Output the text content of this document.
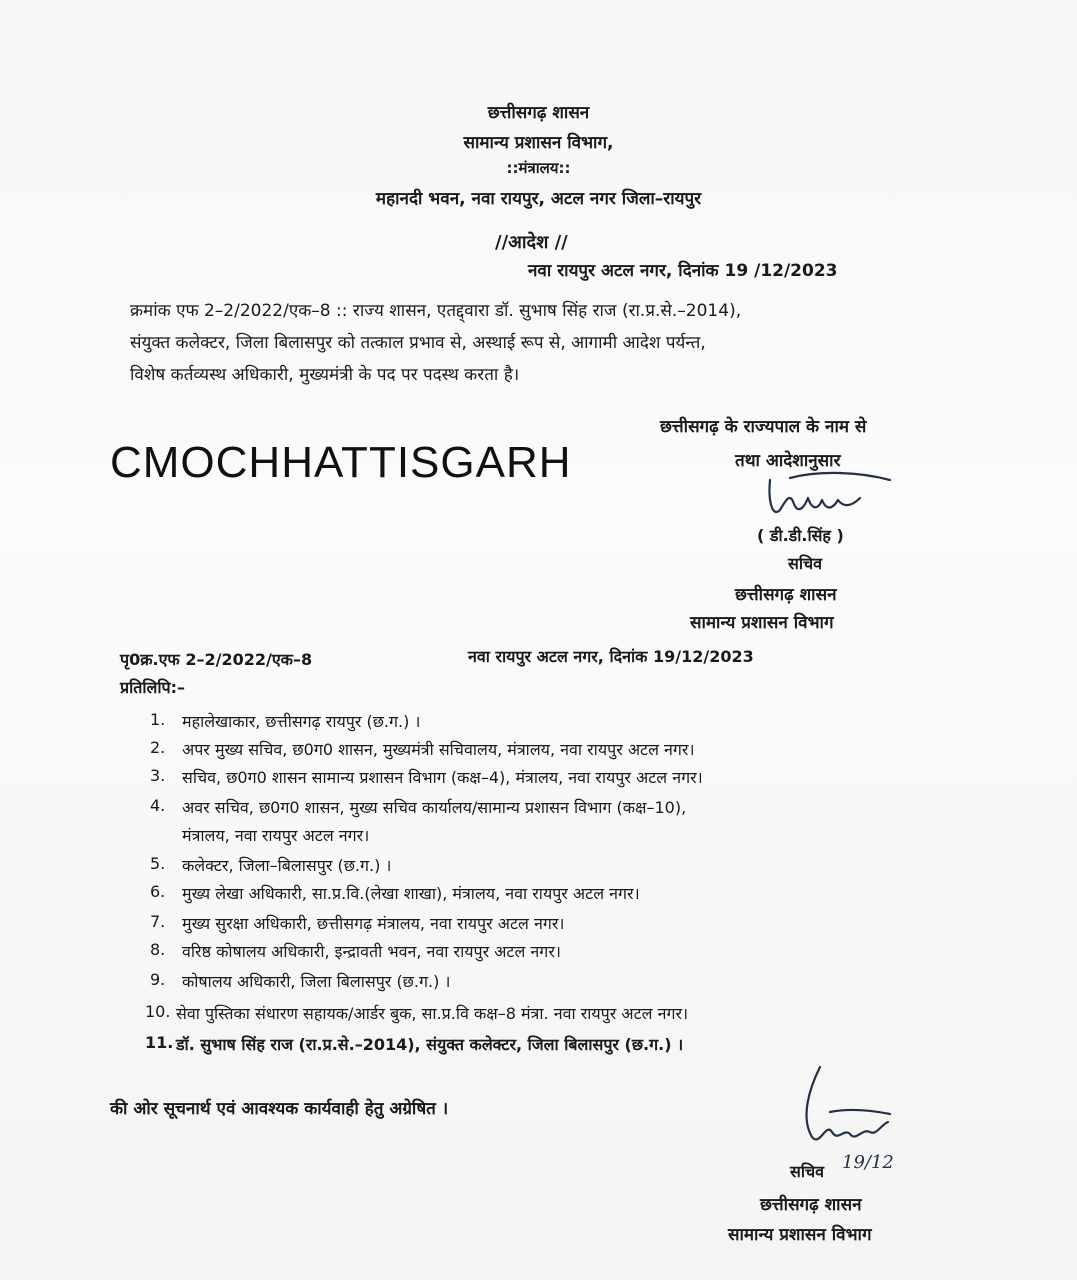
छत्तीसगढ़ शासन
सामान्य प्रशासन विभाग,
::मंत्रालय::
महानदी भवन, नवा रायपुर, अटल नगर जिला–रायपुर
//आदेश //
नवा रायपुर अटल नगर, दिनांक 19 /12/2023
क्रमांक एफ 2–2/2022/एक–8 :: राज्य शासन, एतद्द्वारा डॉ. सुभाष सिंह राज (रा.प्र.से.–2014),
संयुक्त कलेक्टर, जिला बिलासपुर को तत्काल प्रभाव से, अस्थाई रूप से, आगामी आदेश पर्यन्त,
विशेष कर्तव्यस्थ अधिकारी, मुख्यमंत्री के पद पर पदस्थ करता है।
CMOCHHATTISGARH
छत्तीसगढ़ के राज्यपाल के नाम से
तथा आदेशानुसार
( डी.डी.सिंह )
सचिव
छत्तीसगढ़ शासन
सामान्य प्रशासन विभाग
पृ0क्र.एफ 2–2/2022/एक–8	नवा रायपुर अटल नगर, दिनांक 19/12/2023
प्रतिलिपि:–
1. महालेखाकार, छत्तीसगढ़ रायपुर (छ.ग.) ।
2. अपर मुख्य सचिव, छ0ग0 शासन, मुख्यमंत्री सचिवालय, मंत्रालय, नवा रायपुर अटल नगर।
3. सचिव, छ0ग0 शासन सामान्य प्रशासन विभाग (कक्ष–4), मंत्रालय, नवा रायपुर अटल नगर।
4. अवर सचिव, छ0ग0 शासन, मुख्य सचिव कार्यालय/सामान्य प्रशासन विभाग (कक्ष–10),
मंत्रालय, नवा रायपुर अटल नगर।
5. कलेक्टर, जिला–बिलासपुर (छ.ग.) ।
6. मुख्य लेखा अधिकारी, सा.प्र.वि.(लेखा शाखा), मंत्रालय, नवा रायपुर अटल नगर।
7. मुख्य सुरक्षा अधिकारी, छत्तीसगढ़ मंत्रालय, नवा रायपुर अटल नगर।
8. वरिष्ठ कोषालय अधिकारी, इन्द्रावती भवन, नवा रायपुर अटल नगर।
9. कोषालय अधिकारी, जिला बिलासपुर (छ.ग.) ।
10. सेवा पुस्तिका संधारण सहायक/आर्डर बुक, सा.प्र.वि कक्ष–8 मंत्रा. नवा रायपुर अटल नगर।
11. डॉ. सुभाष सिंह राज (रा.प्र.से.–2014), संयुक्त कलेक्टर, जिला बिलासपुर (छ.ग.) ।
की ओर सूचनार्थ एवं आवश्यक कार्यवाही हेतु अग्रेषित ।
सचिव 19/12
छत्तीसगढ़ शासन
सामान्य प्रशासन विभाग
